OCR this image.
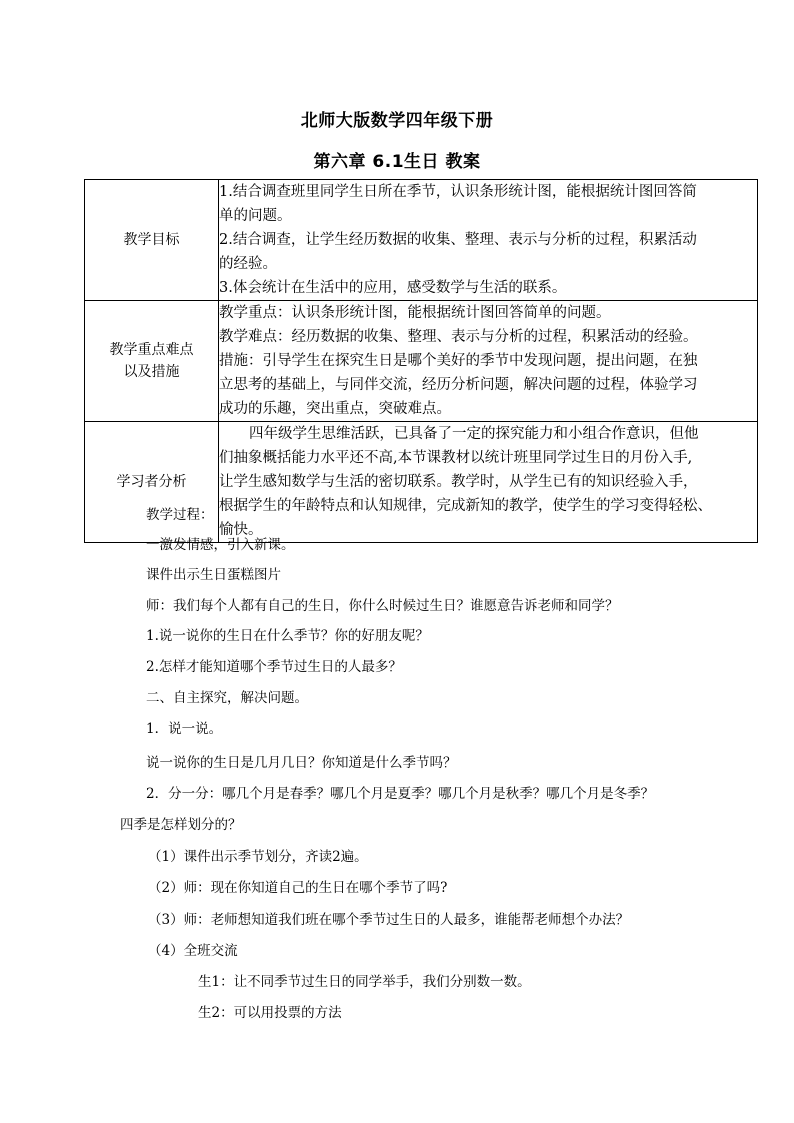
北师大版数学四年级下册
第六章 6.1生日 教案
教学目标	1.结合调查班里同学生日所在季节，认识条形统计图，能根据统计图回答简
单的问题。
2.结合调查，让学生经历数据的收集、整理、表示与分析的过程，积累活动
的经验。
3.体会统计在生活中的应用，感受数学与生活的联系。

教学重点难点
以及措施	教学重点：认识条形统计图，能根据统计图回答简单的问题。
教学难点：经历数据的收集、整理、表示与分析的过程，积累活动的经验。
措施：引导学生在探究生日是哪个美好的季节中发现问题，提出问题，在独
立思考的基础上，与同伴交流，经历分析问题，解决问题的过程，体验学习
成功的乐趣，突出重点，突破难点。

学习者分析	四年级学生思维活跃，已具备了一定的探究能力和小组合作意识，但他
们抽象概括能力水平还不高,本节课教材以统计班里同学过生日的月份入手,
让学生感知数学与生活的密切联系。教学时，从学生已有的知识经验入手，
根据学生的年龄特点和认知规律，完成新知的教学，使学生的学习变得轻松、
愉快。
教学过程：
一激发情感，引入新课。
课件出示生日蛋糕图片
师：我们每个人都有自己的生日，你什么时候过生日？谁愿意告诉老师和同学？
1.说一说你的生日在什么季节？你的好朋友呢？
2.怎样才能知道哪个季节过生日的人最多？
二、自主探究，解决问题。
1．说一说。
说一说你的生日是几月几日？你知道是什么季节吗？
2．分一分：哪几个月是春季？哪几个月是夏季？哪几个月是秋季？哪几个月是冬季？
四季是怎样划分的？
（1）课件出示季节划分，齐读2遍。
（2）师：现在你知道自己的生日在哪个季节了吗?
（3）师：老师想知道我们班在哪个季节过生日的人最多，谁能帮老师想个办法？
（4）全班交流
生1：让不同季节过生日的同学举手，我们分别数一数。
生2：可以用投票的方法
